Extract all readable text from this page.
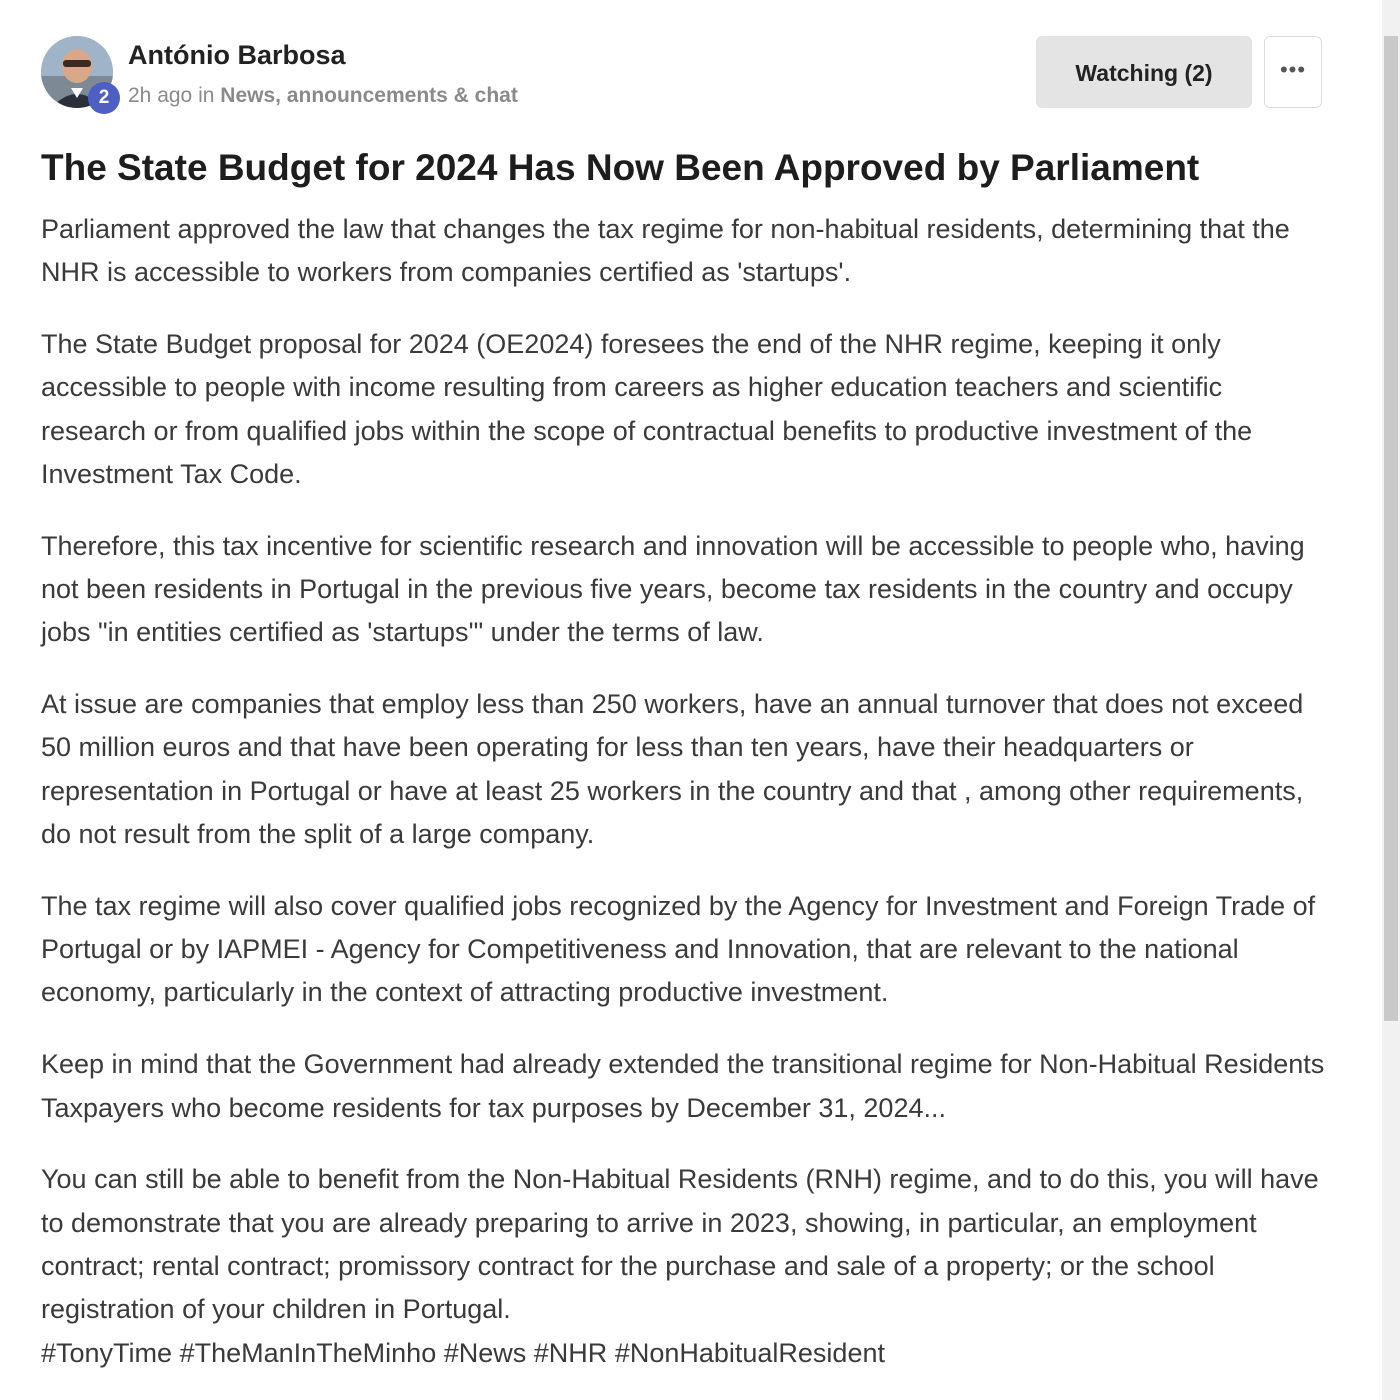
2
António Barbosa
2h ago in News, announcements & chat
Watching (2)	•••
The State Budget for 2024 Has Now Been Approved by Parliament

Parliament approved the law that changes the tax regime for non-habitual residents, determining that the NHR is accessible to workers from companies certified as 'startups'.

The State Budget proposal for 2024 (OE2024) foresees the end of the NHR regime, keeping it only accessible to people with income resulting from careers as higher education teachers and scientific research or from qualified jobs within the scope of contractual benefits to productive investment of the Investment Tax Code.

Therefore, this tax incentive for scientific research and innovation will be accessible to people who, having not been residents in Portugal in the previous five years, become tax residents in the country and occupy jobs "in entities certified as 'startups'" under the terms of law.

At issue are companies that employ less than 250 workers, have an annual turnover that does not exceed 50 million euros and that have been operating for less than ten years, have their headquarters or representation in Portugal or have at least 25 workers in the country and that , among other requirements, do not result from the split of a large company.

The tax regime will also cover qualified jobs recognized by the Agency for Investment and Foreign Trade of Portugal or by IAPMEI - Agency for Competitiveness and Innovation, that are relevant to the national economy, particularly in the context of attracting productive investment.

Keep in mind that the Government had already extended the transitional regime for Non-Habitual Residents Taxpayers who become residents for tax purposes by December 31, 2024...

You can still be able to benefit from the Non-Habitual Residents (RNH) regime, and to do this, you will have to demonstrate that you are already preparing to arrive in 2023, showing, in particular, an employment contract; rental contract; promissory contract for the purchase and sale of a property; or the school registration of your children in Portugal.

#TonyTime #TheManInTheMinho #News #NHR #NonHabitualResident
